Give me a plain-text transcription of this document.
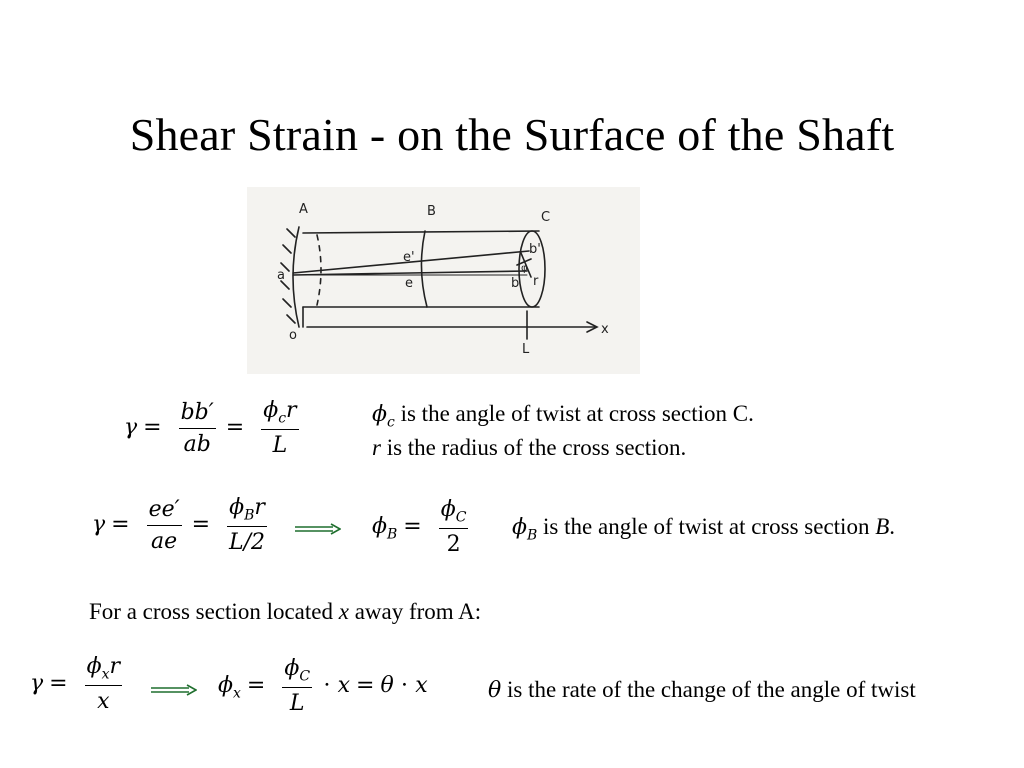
Shear Strain - on the Surface of the Shaft
A	B	C
a
e'
e
b'
b
φ
r
o
L
x
$\gamma = \frac{bb'}{ab} = \frac{\phi_cr}{L}$	$\phi_c$ is the angle of twist at cross section C.
r is the radius of the cross section.
$\gamma = \frac{ee'}{ae} = \frac{\phi_Br}{L/2}$	$\phi_B = \frac{\phi_C}{2} \phi_B$ is the angle of twist at cross section B.
For a cross section located x away from A:
$\gamma = \frac{\phi_xr}{x}$	$\phi_x = \frac{\phi_C}{L} \cdot x = \theta \cdot x$	θ is the rate of the change of the angle of twist
